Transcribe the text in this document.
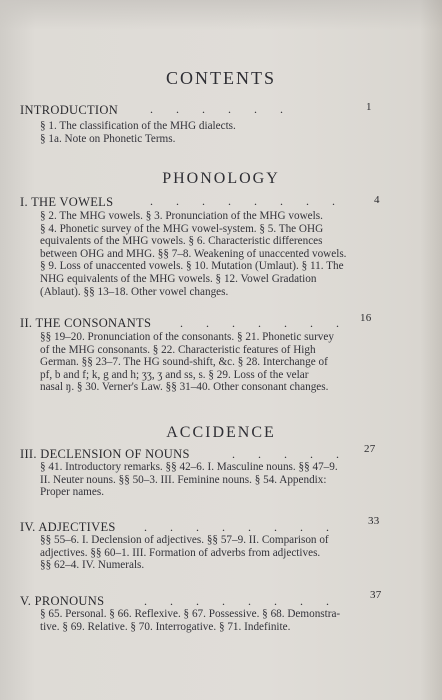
CONTENTS
INTRODUCTION	. . . . . .	1
§ 1. The classification of the MHG dialects.
§ 1a. Note on Phonetic Terms.
PHONOLOGY
I. THE VOWELS	. . . . . . . .	4
§ 2. The MHG vowels. § 3. Pronunciation of the MHG vowels.
§ 4. Phonetic survey of the MHG vowel-system. § 5. The OHG
equivalents of the MHG vowels. § 6. Characteristic differences
between OHG and MHG. §§ 7–8. Weakening of unaccented vowels.
§ 9. Loss of unaccented vowels. § 10. Mutation (Umlaut). § 11. The
NHG equivalents of the MHG vowels. § 12. Vowel Gradation
(Ablaut). §§ 13–18. Other vowel changes.
II. THE CONSONANTS . . . . . . . 16
§§ 19–20. Pronunciation of the consonants. § 21. Phonetic survey
of the MHG consonants. § 22. Characteristic features of High
German. §§ 23–7. The HG sound-shift, &c. § 28. Interchange of
pf, b and f; k, g and h; ʒʒ, ʒ and ss, s. § 29. Loss of the velar
nasal ŋ. § 30. Verner's Law. §§ 31–40. Other consonant changes.
ACCIDENCE
III. DECLENSION OF NOUNS	. . . . . 27
§ 41. Introductory remarks. §§ 42–6. I. Masculine nouns. §§ 47–9.
II. Neuter nouns. §§ 50–3. III. Feminine nouns. § 54. Appendix:
Proper names.
IV. ADJECTIVES . . . . . . . .	33
§§ 55–6. I. Declension of adjectives. §§ 57–9. II. Comparison of
adjectives. §§ 60–1. III. Formation of adverbs from adjectives.
§§ 62–4. IV. Numerals.
V. PRONOUNS	. . . . . . . .	37
§ 65. Personal. § 66. Reflexive. § 67. Possessive. § 68. Demonstra-
tive. § 69. Relative. § 70. Interrogative. § 71. Indefinite.
